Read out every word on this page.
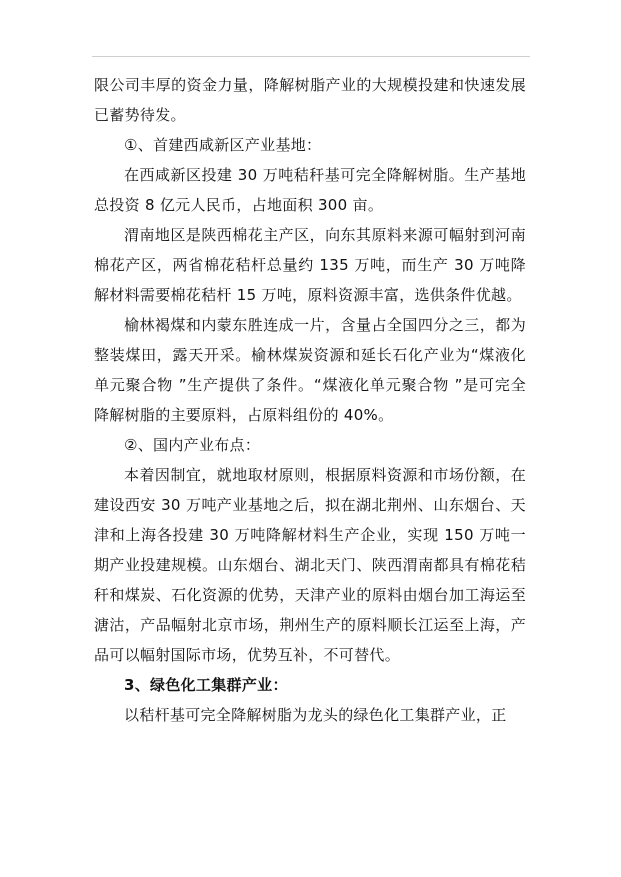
限公司丰厚的资金力量，降解树脂产业的大规模投建和快速发展已蓄势待发。

①、首建西咸新区产业基地：

在西咸新区投建 30 万吨秸秆基可完全降解树脂。生产基地总投资 8 亿元人民币，占地面积 300 亩。

渭南地区是陕西棉花主产区，向东其原料来源可幅射到河南棉花产区，两省棉花秸杆总量约 135 万吨，而生产 30 万吨降解材料需要棉花秸杆 15 万吨，原料资源丰富，选供条件优越。

榆林褐煤和内蒙东胜连成一片，含量占全国四分之三，都为整装煤田，露天开采。榆林煤炭资源和延长石化产业为“煤液化单元聚合物 ”生产提供了条件。“煤液化单元聚合物 ”是可完全降解树脂的主要原料，占原料组份的 40%。

②、国内产业布点：

本着因制宜，就地取材原则，根据原料资源和市场份额，在建设西安 30 万吨产业基地之后，拟在湖北荆州、山东烟台、天津和上海各投建 30 万吨降解材料生产企业，实现 150 万吨一期产业投建规模。山东烟台、湖北天门、陕西渭南都具有棉花秸秆和煤炭、石化资源的优势，天津产业的原料由烟台加工海运至溏沽，产品幅射北京市场，荆州生产的原料顺长江运至上海，产品可以幅射国际市场，优势互补，不可替代。

3、绿色化工集群产业：

以秸杆基可完全降解树脂为龙头的绿色化工集群产业，正
